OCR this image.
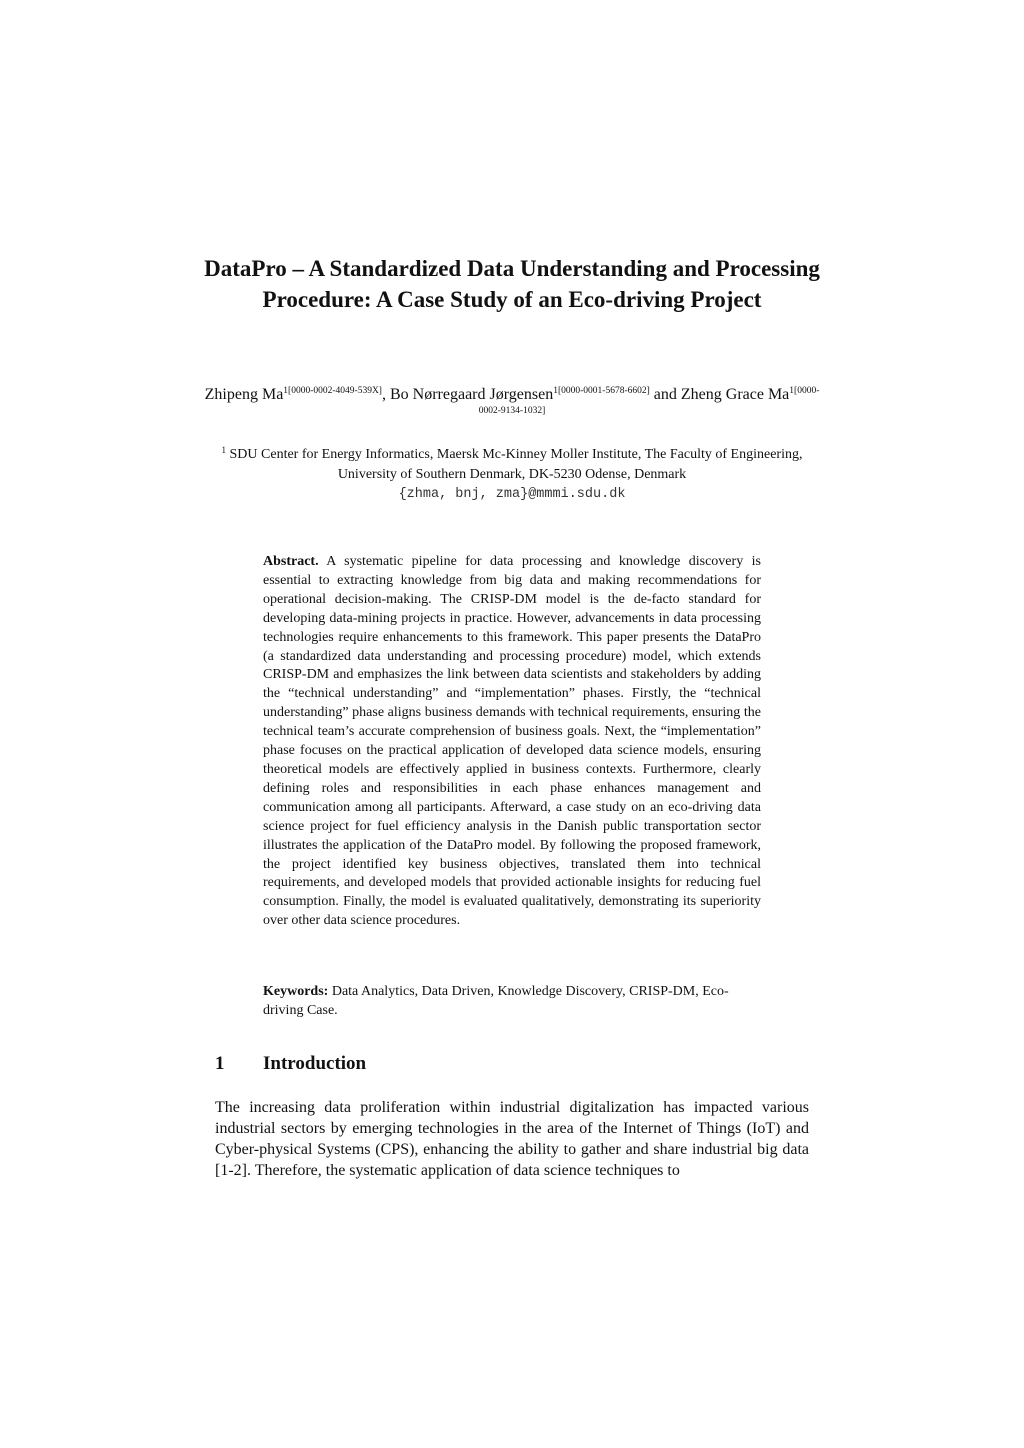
DataPro – A Standardized Data Understanding and Processing Procedure: A Case Study of an Eco-driving Project
Zhipeng $Ma^{1[0000-0002-4049-539X]}$, Bo Nørregaard Jørgensen$^{1[0000-0001-5678-6602]}$ and Zheng Grace $Ma^{1[0000-0002-9134-1032]}$
$^1$ SDU Center for Energy Informatics, Maersk Mc-Kinney Moller Institute, The Faculty of Engineering, University of Southern Denmark, DK-5230 Odense, Denmark
{zhma, bnj, zma}@mmmi.sdu.dk

Abstract. A systematic pipeline for data processing and knowledge discovery is essential to extracting knowledge from big data and making recommendations for operational decision-making. The CRISP-DM model is the de-facto standard for developing data-mining projects in practice. However, advancements in data processing technologies require enhancements to this framework. This paper presents the DataPro (a standardized data understanding and processing procedure) model, which extends CRISP-DM and emphasizes the link between data scientists and stakeholders by adding the “technical understanding” and “implementation” phases. Firstly, the “technical understanding” phase aligns business demands with technical requirements, ensuring the technical team’s accurate comprehension of business goals. Next, the “implementation” phase focuses on the practical application of developed data science models, ensuring theoretical models are effectively applied in business contexts. Furthermore, clearly defining roles and responsibilities in each phase enhances management and communication among all participants. Afterward, a case study on an eco-driving data science project for fuel efficiency analysis in the Danish public transportation sector illustrates the application of the DataPro model. By following the proposed framework, the project identified key business objectives, translated them into technical requirements, and developed models that provided actionable insights for reducing fuel consumption. Finally, the model is evaluated qualitatively, demonstrating its superiority over other data science procedures.

Keywords: Data Analytics, Data Driven, Knowledge Discovery, CRISP-DM, Eco-driving Case.

1 Introduction

The increasing data proliferation within industrial digitalization has impacted various industrial sectors by emerging technologies in the area of the Internet of Things (IoT) and Cyber-physical Systems (CPS), enhancing the ability to gather and share industrial big data [1-2]. Therefore, the systematic application of data science techniques to
